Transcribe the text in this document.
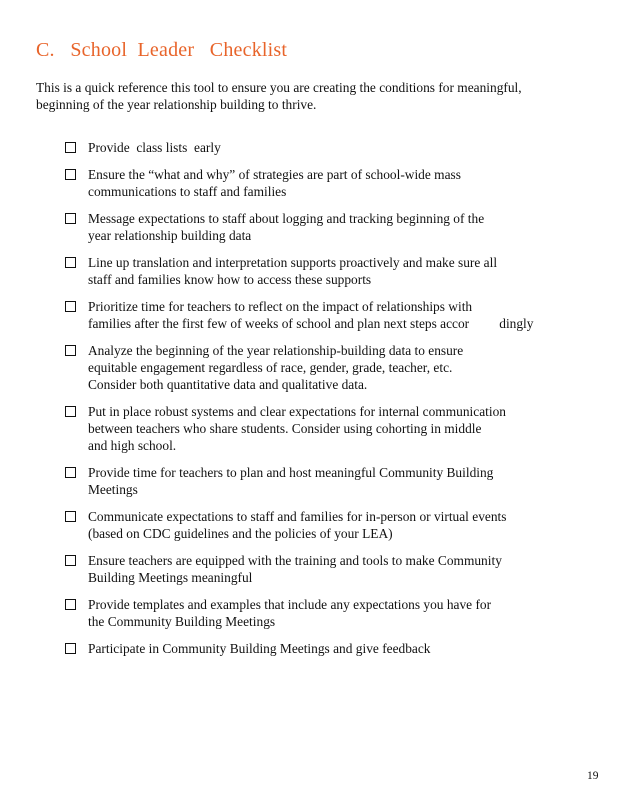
C.   School  Leader   Checklist

This is a quick reference this tool to ensure you are creating the conditions for meaningful, beginning of the year relationship building to thrive.

Provide  class lists  early
Ensure the “what and why” of strategies are part of school-wide mass
communications to staff and families
Message expectations to staff about logging and tracking beginning of the
year relationship building data
Line up translation and interpretation supports proactively and make sure all
staff and families know how to access these supports
Prioritize time for teachers to reflect on the impact of relationships with
families after the first few of weeks of school and plan next steps accor         dingly
Analyze the beginning of the year relationship-building data to ensure
equitable engagement regardless of race, gender, grade, teacher, etc.
Consider both quantitative data and qualitative data.
Put in place robust systems and clear expectations for internal communication
between teachers who share students. Consider using cohorting in middle
and high school.
Provide time for teachers to plan and host meaningful Community Building
Meetings
Communicate expectations to staff and families for in-person or virtual events
(based on CDC guidelines and the policies of your LEA)
Ensure teachers are equipped with the training and tools to make Community
Building Meetings meaningful
Provide templates and examples that include any expectations you have for
the Community Building Meetings
Participate in Community Building Meetings and give feedback
19
